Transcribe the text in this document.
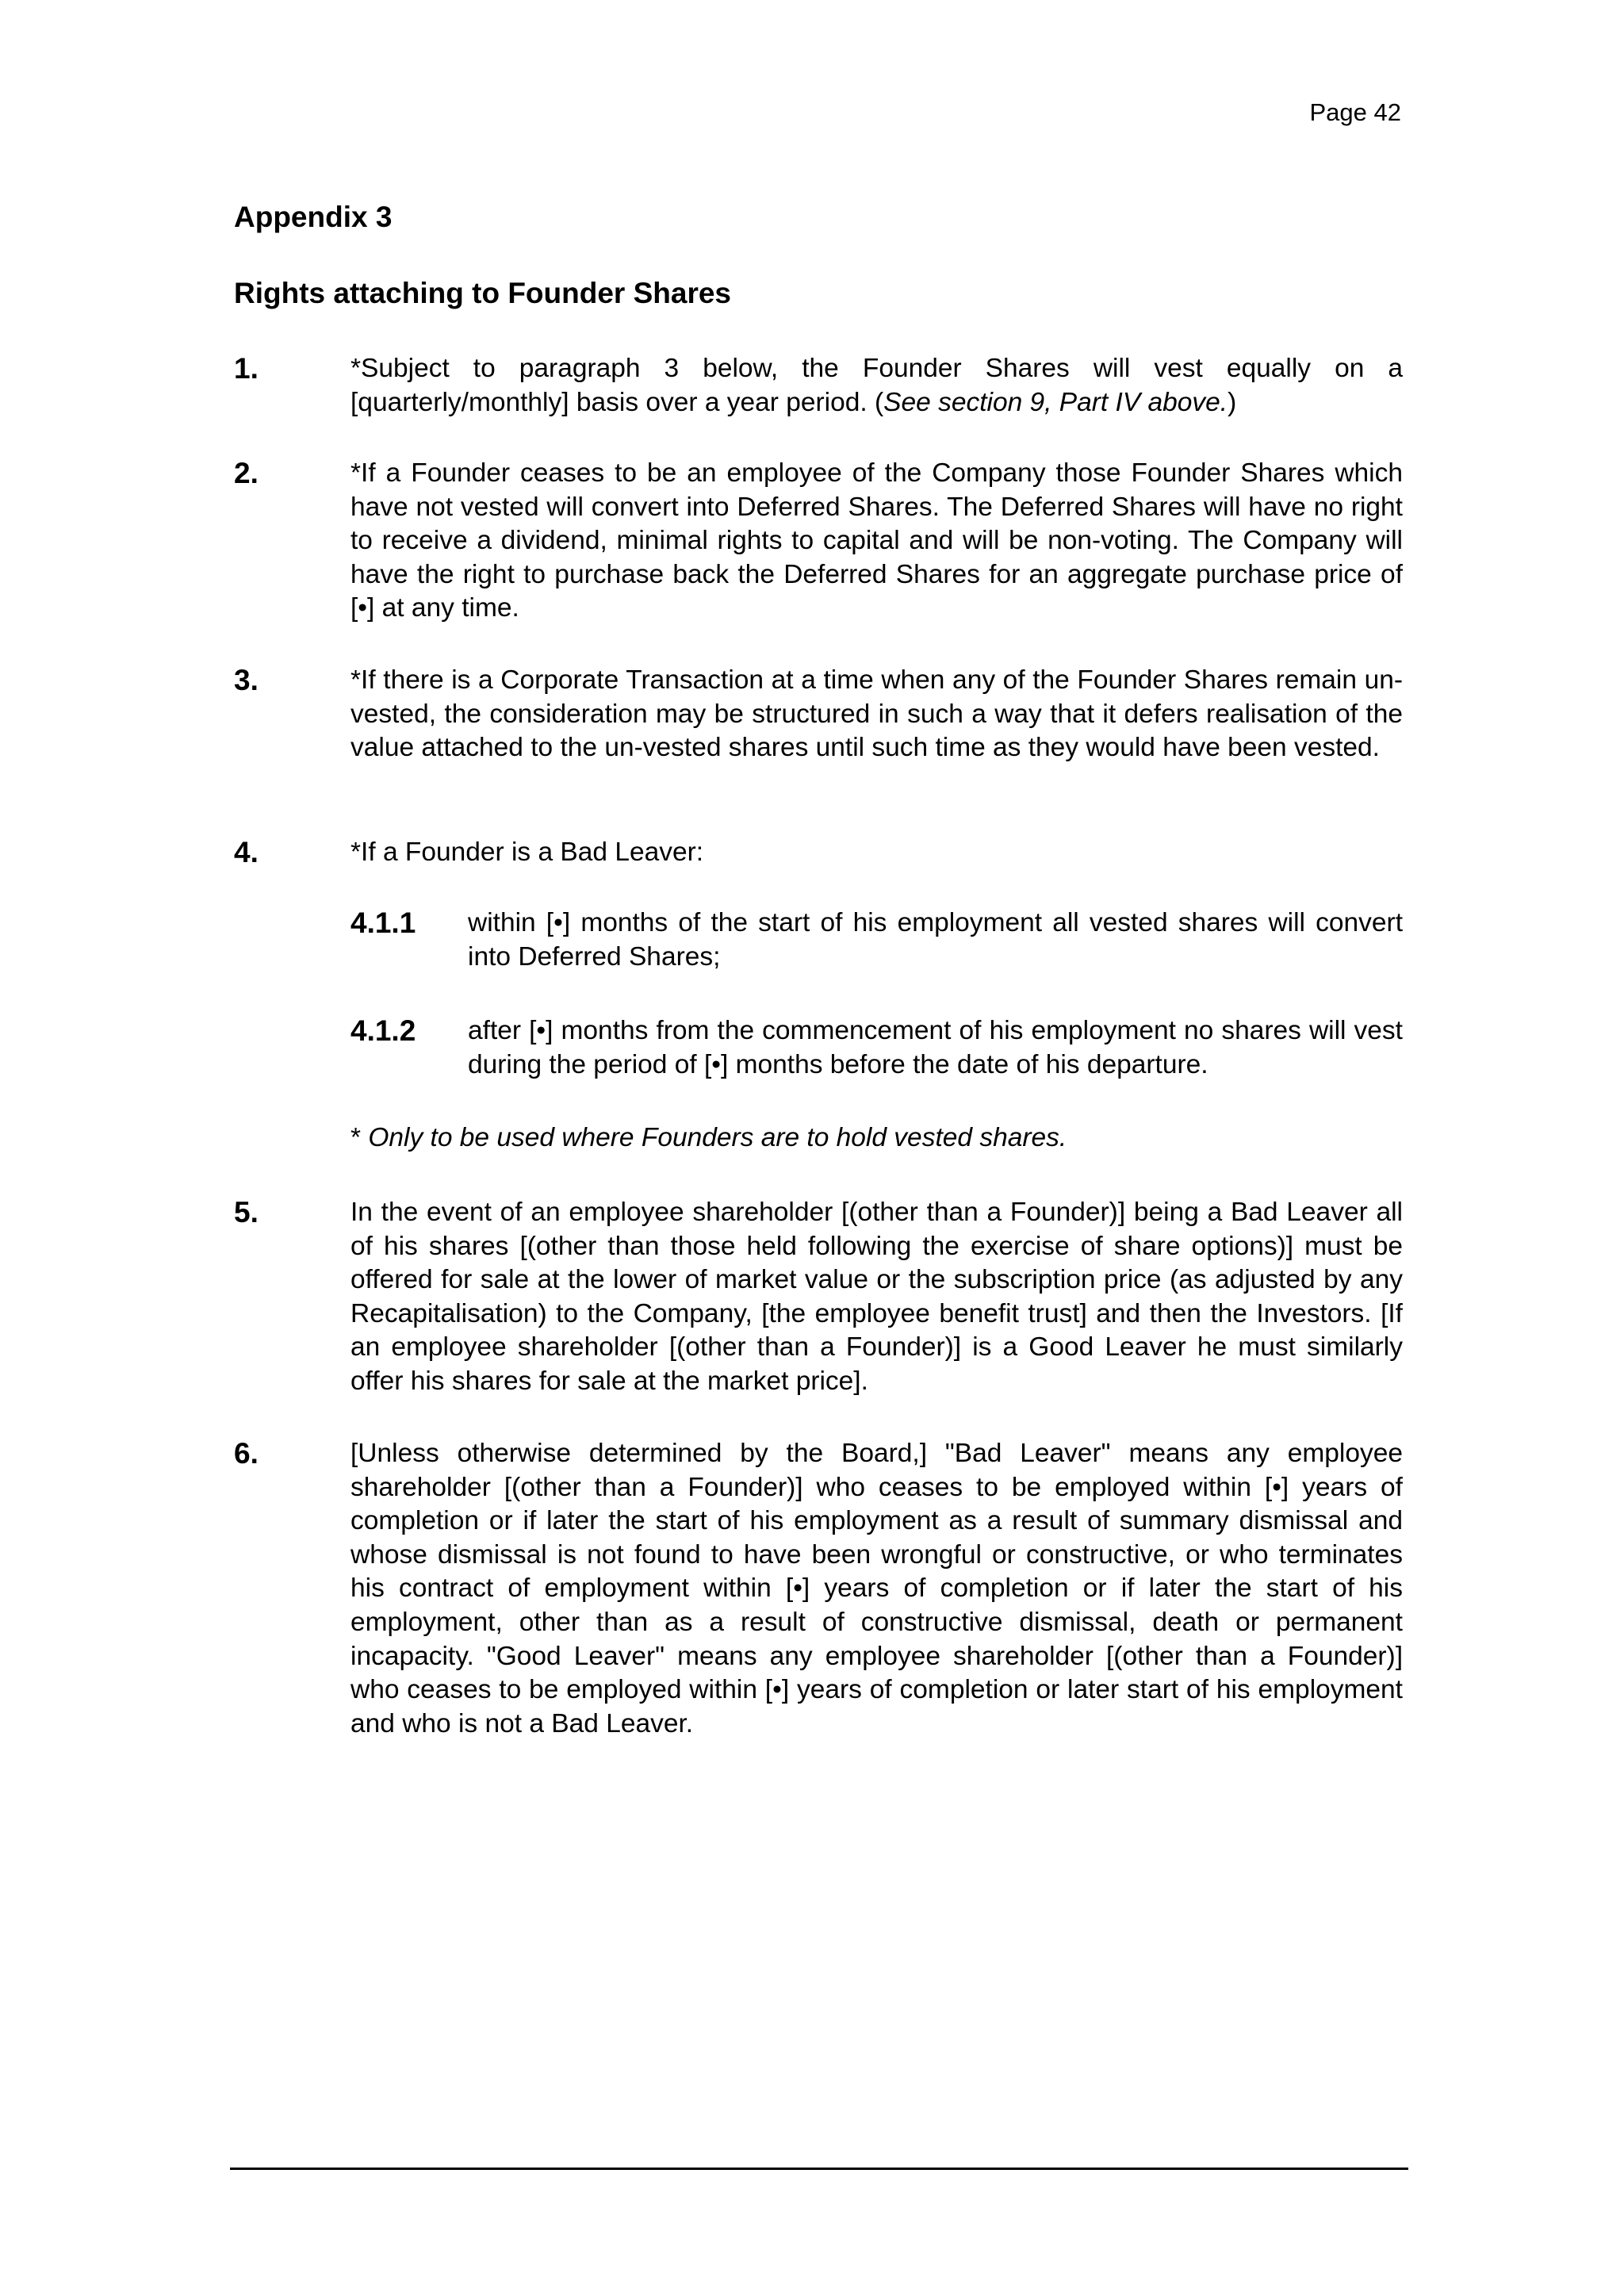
Page 42
Appendix 3
Rights attaching to Founder Shares
1.	*Subject to paragraph 3 below, the Founder Shares will vest equally on a [quarterly/monthly] basis over a year period. (See section 9, Part IV above.)
2.	*If a Founder ceases to be an employee of the Company those Founder Shares which have not vested will convert into Deferred Shares. The Deferred Shares will have no right to receive a dividend, minimal rights to capital and will be non-voting. The Company will have the right to purchase back the Deferred Shares for an aggregate purchase price of [•] at any time.
3.	*If there is a Corporate Transaction at a time when any of the Founder Shares remain un-vested, the consideration may be structured in such a way that it defers realisation of the value attached to the un-vested shares until such time as they would have been vested.
4.	*If a Founder is a Bad Leaver:
4.1.1 within [•] months of the start of his employment all vested shares will convert into Deferred Shares;
4.1.2 after [•] months from the commencement of his employment no shares will vest during the period of [•] months before the date of his departure.
* Only to be used where Founders are to hold vested shares.
5.	In the event of an employee shareholder [(other than a Founder)] being a Bad Leaver all of his shares [(other than those held following the exercise of share options)] must be offered for sale at the lower of market value or the subscription price (as adjusted by any Recapitalisation) to the Company, [the employee benefit trust] and then the Investors. [If an employee shareholder [(other than a Founder)] is a Good Leaver he must similarly offer his shares for sale at the market price].
6.	[Unless otherwise determined by the Board,] "Bad Leaver" means any employee shareholder [(other than a Founder)] who ceases to be employed within [•] years of completion or if later the start of his employment as a result of summary dismissal and whose dismissal is not found to have been wrongful or constructive, or who terminates his contract of employment within [•] years of completion or if later the start of his employment, other than as a result of constructive dismissal, death or permanent incapacity. "Good Leaver" means any employee shareholder [(other than a Founder)] who ceases to be employed within [•] years of completion or later start of his employment and who is not a Bad Leaver.
